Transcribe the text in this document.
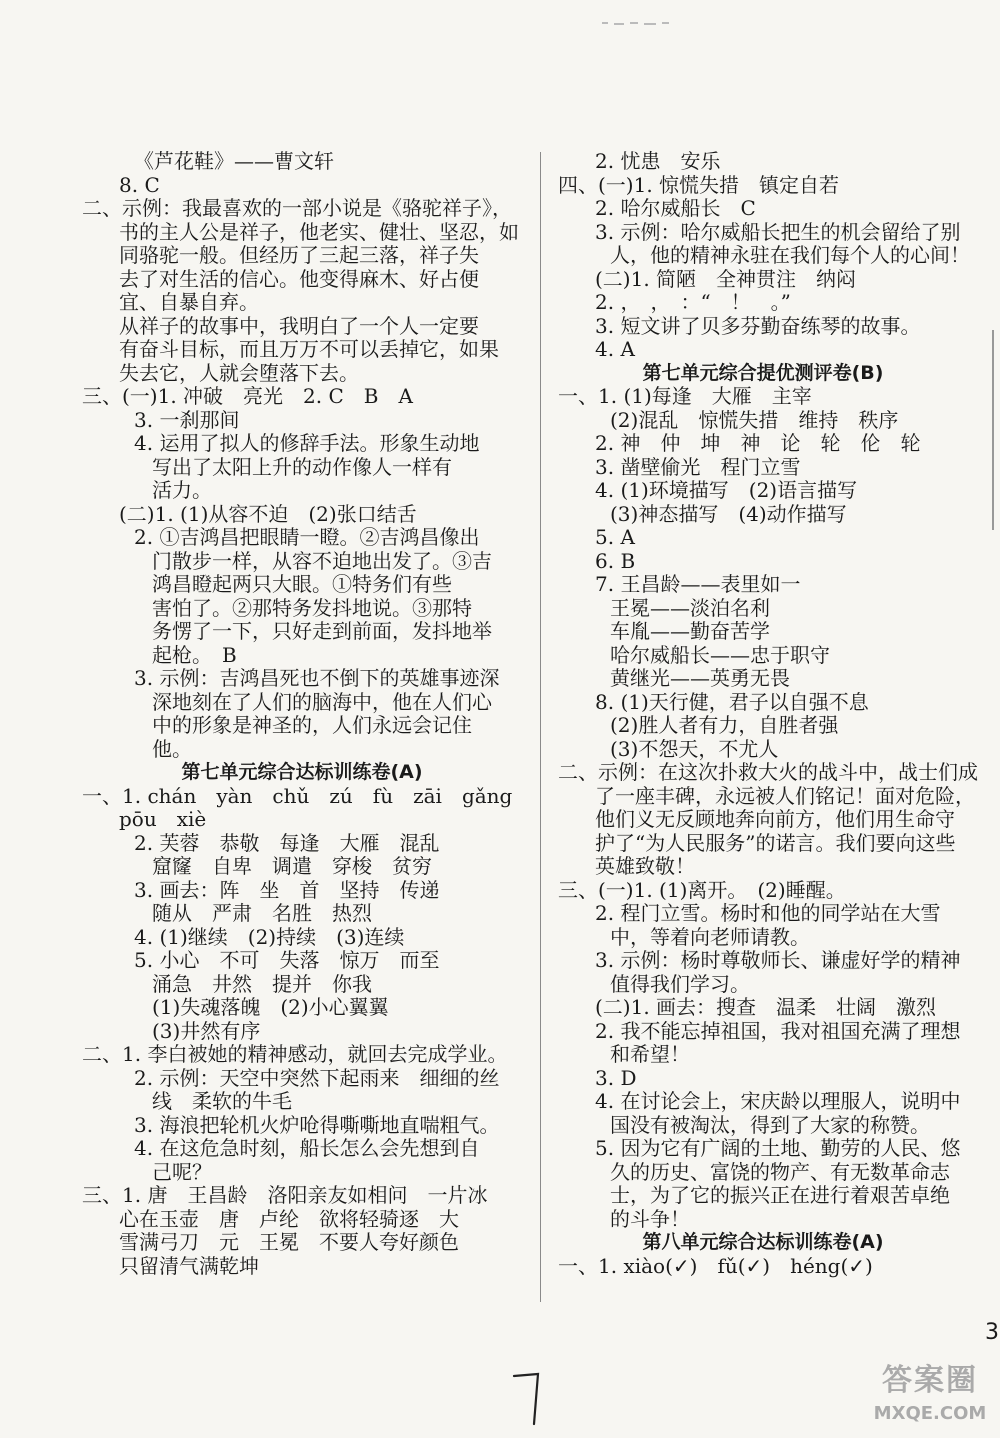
《芦花鞋》——曹文轩
8. C
二、示例：我最喜欢的一部小说是《骆驼祥子》，
书的主人公是祥子，他老实、健壮、坚忍，如
同骆驼一般。但经历了三起三落，祥子失
去了对生活的信心。他变得麻木、好占便
宜、自暴自弃。
从祥子的故事中，我明白了一个人一定要
有奋斗目标，而且万万不可以丢掉它，如果
失去它，人就会堕落下去。
三、(一)1. 冲破　亮光　2. C　B　A
3. 一刹那间
4. 运用了拟人的修辞手法。形象生动地
写出了太阳上升的动作像人一样有
活力。
(二)1. (1)从容不迫　(2)张口结舌
2. ①吉鸿昌把眼睛一瞪。②吉鸿昌像出
门散步一样，从容不迫地出发了。③吉
鸿昌瞪起两只大眼。①特务们有些
害怕了。②那特务发抖地说。③那特
务愣了一下，只好走到前面，发抖地举
起枪。　B
3. 示例：吉鸿昌死也不倒下的英雄事迹深
深地刻在了人们的脑海中，他在人们心
中的形象是神圣的，人们永远会记住
他。
第七单元综合达标训练卷(A)
一、1. chán　yàn　chǔ　zú　fù　zāi　gǎng
pōu　xiè
2. 芙蓉　恭敬　每逢　大雁　混乱
窟窿　自卑　调遣　穿梭　贫穷
3. 画去：阵　坐　首　坚持　传递
随从　严肃　名胜　热烈
4. (1)继续　(2)持续　(3)连续
5. 小心　不可　失落　惊万　而至
涌急　井然　提并　你我
(1)失魂落魄　(2)小心翼翼
(3)井然有序
二、1. 李白被她的精神感动，就回去完成学业。
2. 示例：天空中突然下起雨来　细细的丝
线　柔软的牛毛
3. 海浪把轮机火炉呛得嘶嘶地直喘粗气。
4. 在这危急时刻，船长怎么会先想到自
己呢？
三、1. 唐　王昌龄　洛阳亲友如相问　一片冰
心在玉壶　唐　卢纶　欲将轻骑逐　大
雪满弓刀　元　王冕　不要人夸好颜色
只留清气满乾坤
2. 忧患　安乐
四、(一)1. 惊慌失措　镇定自若
2. 哈尔威船长　C
3. 示例：哈尔威船长把生的机会留给了别
人，他的精神永驻在我们每个人的心间！
(二)1. 简陋　全神贯注　纳闷
2. ，　，　：“　！　。”
3. 短文讲了贝多芬勤奋练琴的故事。
4. A
第七单元综合提优测评卷(B)
一、1. (1)每逢　大雁　主宰
(2)混乱　惊慌失措　维持　秩序
2. 神　仲　坤　神　论　轮　伦　轮
3. 凿壁偷光　程门立雪
4. (1)环境描写　(2)语言描写
(3)神态描写　(4)动作描写
5. A
6. B
7. 王昌龄——表里如一
王冕——淡泊名利
车胤——勤奋苦学
哈尔威船长——忠于职守
黄继光——英勇无畏
8. (1)天行健，君子以自强不息
(2)胜人者有力，自胜者强
(3)不怨天，不尤人
二、示例：在这次扑救大火的战斗中，战士们成
了一座丰碑，永远被人们铭记！面对危险，
他们义无反顾地奔向前方，他们用生命守
护了“为人民服务”的诺言。我们要向这些
英雄致敬！
三、(一)1. (1)离开。　(2)睡醒。
2. 程门立雪。杨时和他的同学站在大雪
中，等着向老师请教。
3. 示例：杨时尊敬师长、谦虚好学的精神
值得我们学习。
(二)1. 画去：搜查　温柔　壮阔　激烈
2. 我不能忘掉祖国，我对祖国充满了理想
和希望！
3. D
4. 在讨论会上，宋庆龄以理服人，说明中
国没有被淘汰，得到了大家的称赞。
5. 因为它有广阔的土地、勤劳的人民、悠
久的历史、富饶的物产、有无数革命志
士，为了它的振兴正在进行着艰苦卓绝
的斗争！
第八单元综合达标训练卷(A)
一、1. xiào(✓)　fǔ(✓)　héng(✓)
3
答案圈
MXQE.COM
